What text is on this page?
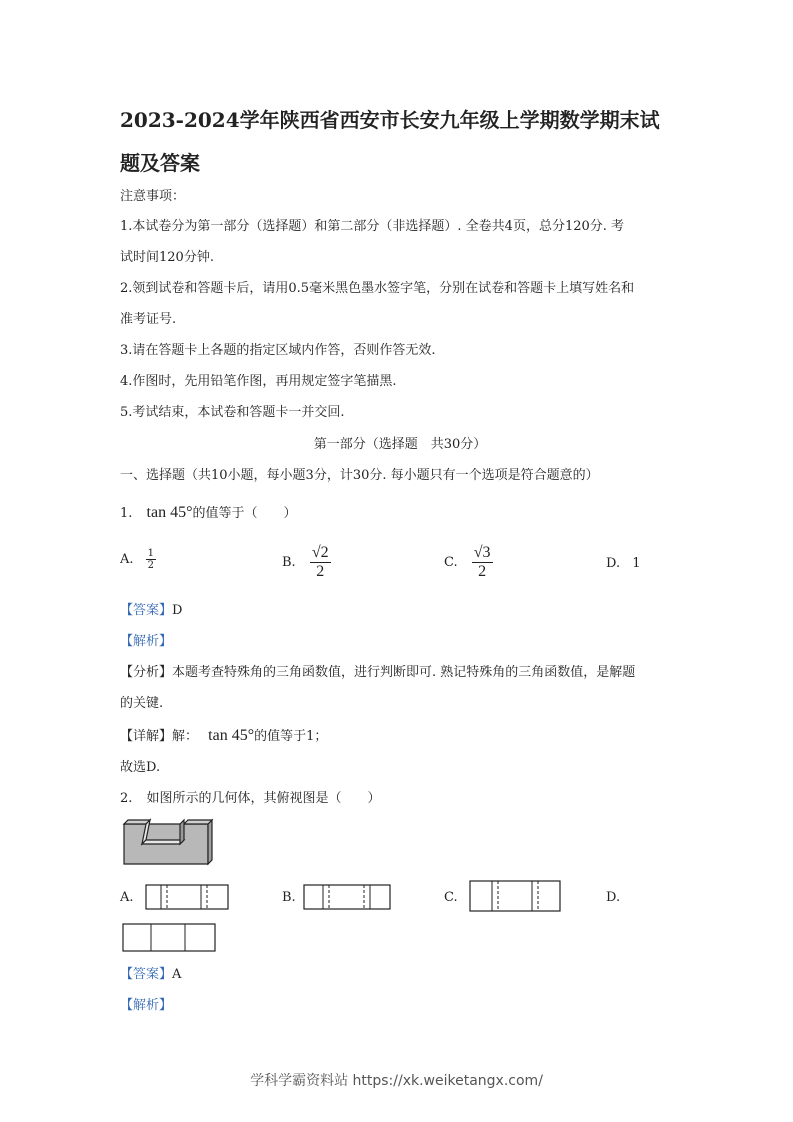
2023-2024学年陕西省西安市长安九年级上学期数学期末试
题及答案
注意事项：
1.本试卷分为第一部分（选择题）和第二部分（非选择题）. 全卷共4页，总分120分. 考
试时间120分钟.
2.领到试卷和答题卡后，请用0.5毫米黑色墨水签字笔，分别在试卷和答题卡上填写姓名和
准考证号.
3.请在答题卡上各题的指定区域内作答，否则作答无效.
4.作图时，先用铅笔作图，再用规定签字笔描黑.
5.考试结束，本试卷和答题卡一并交回.
第一部分（选择题　共30分）
一、选择题（共10小题，每小题3分，计30分. 每小题只有一个选项是符合题意的）
1. tan 45°的值等于（　　）
A. $\frac{1}{2}$	B. $\frac{√2}{2}$	C. $\frac{√3}{2}$	D. 1
【答案】D
【解析】
【分析】本题考查特殊角的三角函数值，进行判断即可. 熟记特殊角的三角函数值，是解题
的关键.
【详解】解： tan 45°的值等于1；
故选D.
2. 如图所示的几何体，其俯视图是（　　）
A.	B.	C.	D.
【答案】A
【解析】
学科学霸资料站 https://xk.weiketangx.com/
